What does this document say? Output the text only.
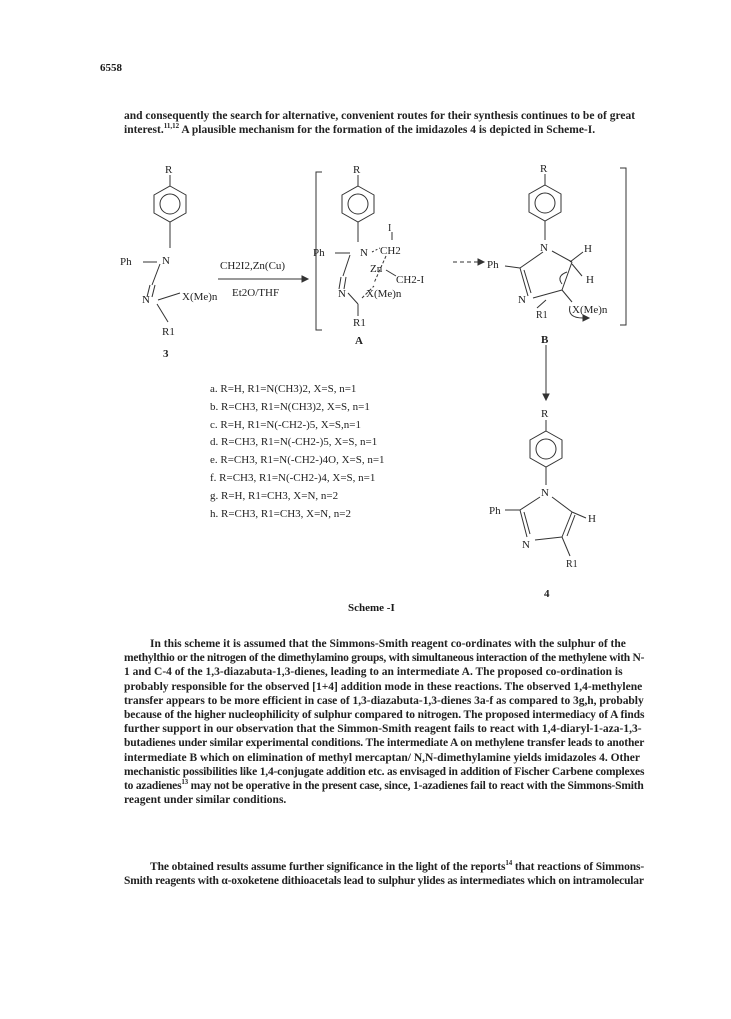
6558
and consequently the search for alternative, convenient routes for their synthesis continues to be of great
interest.$^{11,12}$ A plausible mechanism for the formation of the imidazoles 4 is depicted in Scheme-I.
R
Ph	N
N	X(Me)n
R1
3
CH2I2,Zn(Cu)
Et2O/THF
R
Ph	N
I
CH2
Zn
CH2-I
N X(Me)n
R1
A
R
N	H
Ph
H
N
R1 X(Me)n
B
R
N
Ph
H
N
R1
4
a. R=H, R1=N(CH3)2, X=S, n=1
b. R=CH3, R1=N(CH3)2, X=S, n=1
c. R=H, R1=N(-CH2-)5, X=S,n=1
d. R=CH3, R1=N(-CH2-)5, X=S, n=1
e. R=CH3, R1=N(-CH2-)4O, X=S, n=1
f. R=CH3, R1=N(-CH2-)4, X=S, n=1
g. R=H, R1=CH3, X=N, n=2
h. R=CH3, R1=CH3, X=N, n=2
Scheme -I
In this scheme it is assumed that the Simmons-Smith reagent co-ordinates with the sulphur of the
methylthio or the nitrogen of the dimethylamino groups, with simultaneous interaction of the methylene with N-
1 and C-4 of the 1,3-diazabuta-1,3-dienes, leading to an intermediate A. The proposed co-ordination is
probably responsible for the observed [1+4] addition mode in these reactions. The observed 1,4-methylene
transfer appears to be more efficient in case of 1,3-diazabuta-1,3-dienes 3a-f as compared to 3g,h, probably
because of the higher nucleophilicity of sulphur compared to nitrogen. The proposed intermediacy of A finds
further support in our observation that the Simmon-Smith reagent fails to react with 1,4-diaryl-1-aza-1,3-
butadienes under similar experimental conditions. The intermediate A on methylene transfer leads to another
intermediate B which on elimination of methyl mercaptan/ N,N-dimethylamine yields imidazoles 4. Other
mechanistic possibilities like 1,4-conjugate addition etc. as envisaged in addition of Fischer Carbene complexes
to azadienes$^{13}$ may not be operative in the present case, since, 1-azadienes fail to react with the Simmons-Smith
reagent under similar conditions.
The obtained results assume further significance in the light of the reports$^{14}$ that reactions of Simmons-
Smith reagents with α-oxoketene dithioacetals lead to sulphur ylides as intermediates which on intramolecular
